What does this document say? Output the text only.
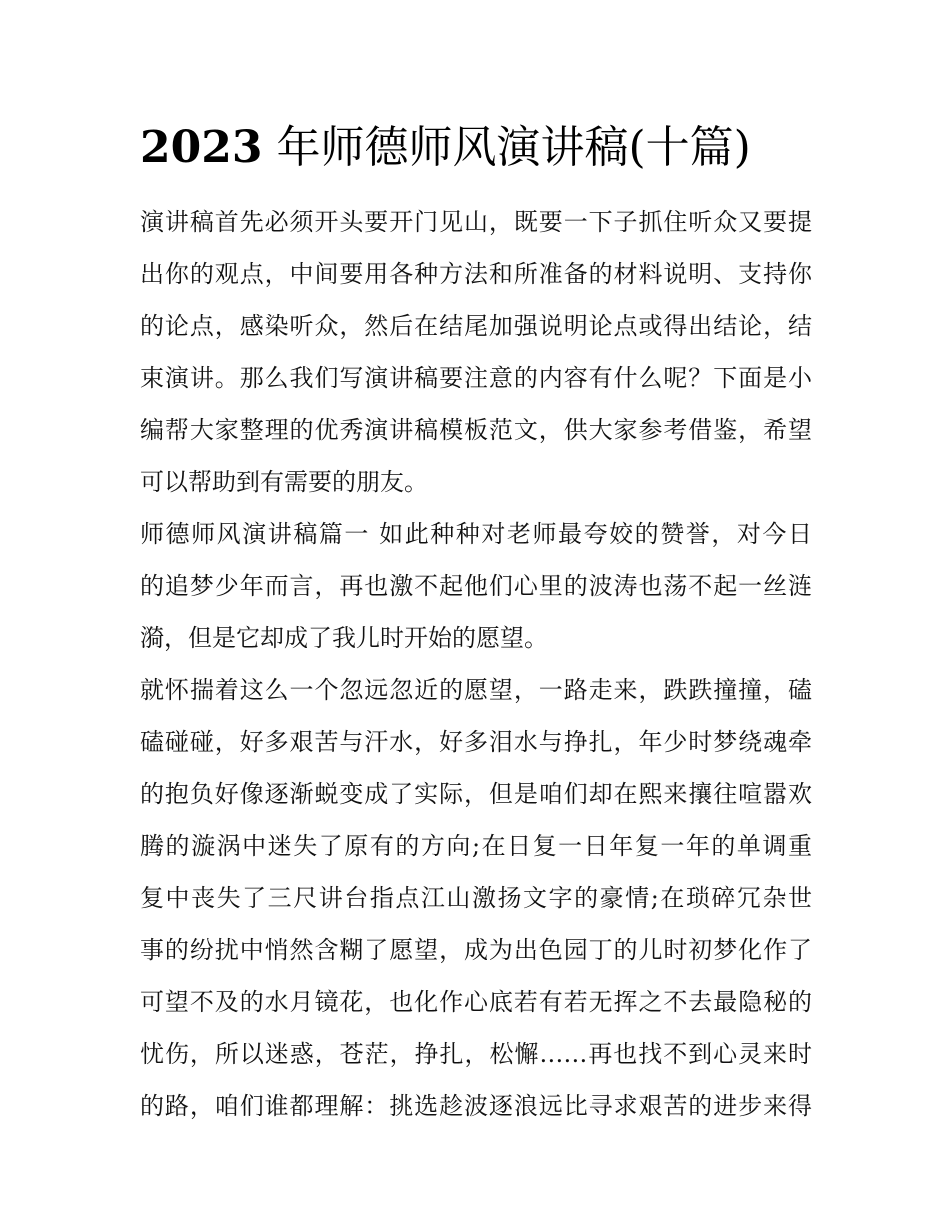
2023 年师德师风演讲稿(十篇)
演讲稿首先必须开头要开门见山，既要一下子抓住听众又要提
出你的观点，中间要用各种方法和所准备的材料说明、支持你
的论点，感染听众，然后在结尾加强说明论点或得出结论，结
束演讲。那么我们写演讲稿要注意的内容有什么呢？下面是小
编帮大家整理的优秀演讲稿模板范文，供大家参考借鉴，希望
可以帮助到有需要的朋友。
师德师风演讲稿篇一 如此种种对老师最夸姣的赞誉，对今日
的追梦少年而言，再也激不起他们心里的波涛也荡不起一丝涟
漪，但是它却成了我儿时开始的愿望。
就怀揣着这么一个忽远忽近的愿望，一路走来，跌跌撞撞，磕
磕碰碰，好多艰苦与汗水，好多泪水与挣扎，年少时梦绕魂牵
的抱负好像逐渐蜕变成了实际，但是咱们却在熙来攘往喧嚣欢
腾的漩涡中迷失了原有的方向;在日复一日年复一年的单调重
复中丧失了三尺讲台指点江山激扬文字的豪情;在琐碎冗杂世
事的纷扰中悄然含糊了愿望，成为出色园丁的儿时初梦化作了
可望不及的水月镜花，也化作心底若有若无挥之不去最隐秘的
忧伤，所以迷惑，苍茫，挣扎，松懈……再也找不到心灵来时
的路，咱们谁都理解：挑选趁波逐浪远比寻求艰苦的进步来得
